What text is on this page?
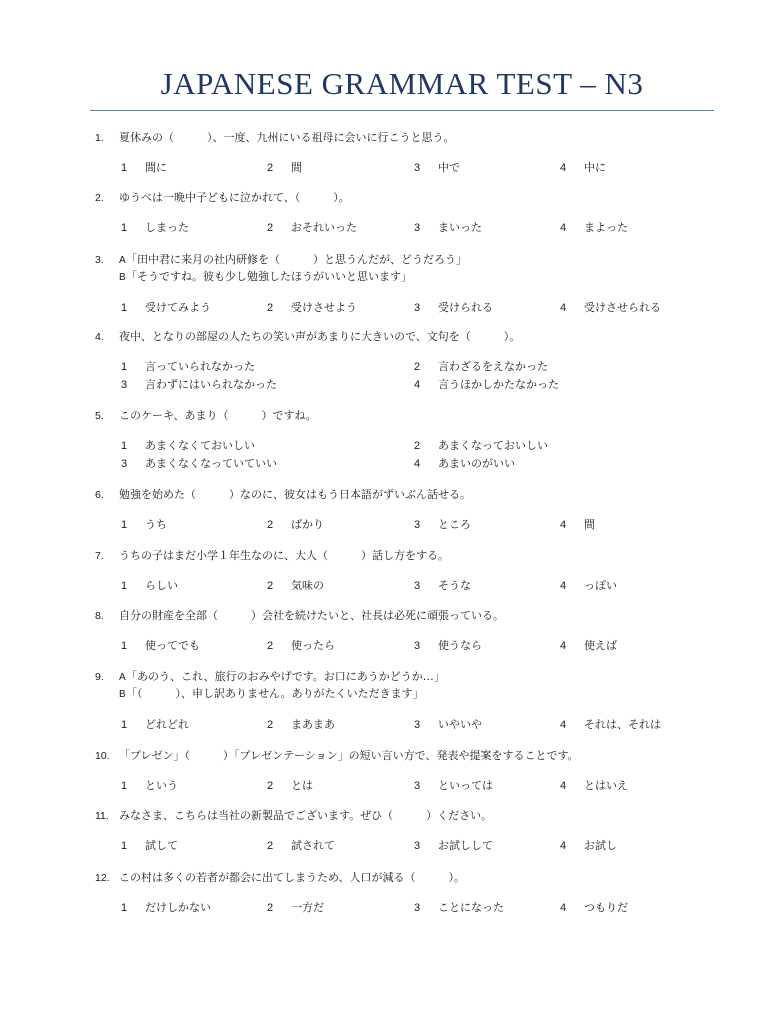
JAPANESE GRAMMAR TEST – N3
1.	夏休みの（　　　）、一度、九州にいる祖母に会いに行こうと思う。
1 間に	2 間	3 中で	4 中に
2.	ゆうべは一晩中子どもに泣かれて、（　　　）。
1 しまった	2 おそれいった	3 まいった	4 まよった
3.	A「田中君に来月の社内研修を（　　　）と思うんだが、どうだろう」
B「そうですね。彼も少し勉強したほうがいいと思います」
1 受けてみよう	2 受けさせよう	3 受けられる	4 受けさせられる
4.	夜中、となりの部屋の人たちの笑い声があまりに大きいので、文句を（　　　）。
1 言っていられなかった	2 言わざるをえなかった
3 言わずにはいられなかった	4 言うほかしかたなかった
5.	このケーキ、あまり（　　　）ですね。
1 あまくなくておいしい	2 あまくなっておいしい
3 あまくなくなっていていい	4 あまいのがいい
6.	勉強を始めた（　　　）なのに、彼女はもう日本語がずいぶん話せる。
1 うち	2 ばかり	3 ところ	4 間
7.	うちの子はまだ小学１年生なのに、大人（　　　）話し方をする。
1 らしい	2 気味の	3 そうな	4 っぽい
8.	自分の財産を全部（　　　）会社を続けたいと、社長は必死に頑張っている。
1 使ってでも	2 使ったら	3 使うなら	4 使えば
9.	A「あのう、これ、旅行のおみやげです。お口にあうかどうか…」
B「（　　　）、申し訳ありません。ありがたくいただきます」
1 どれどれ	2 まあまあ	3 いやいや	4 それは、それは
10. 「プレゼン」（　　　）「プレゼンテーション」の短い言い方で、発表や提案をすることです。
1 という	2 とは	3 といっては	4 とはいえ
11. みなさま、こちらは当社の新製品でございます。ぜひ（　　　）ください。
1 試して	2 試されて	3 お試しして	4 お試し
12. この村は多くの若者が都会に出てしまうため、人口が減る（　　　）。
1 だけしかない	2 一方だ	3 ことになった	4 つもりだ
